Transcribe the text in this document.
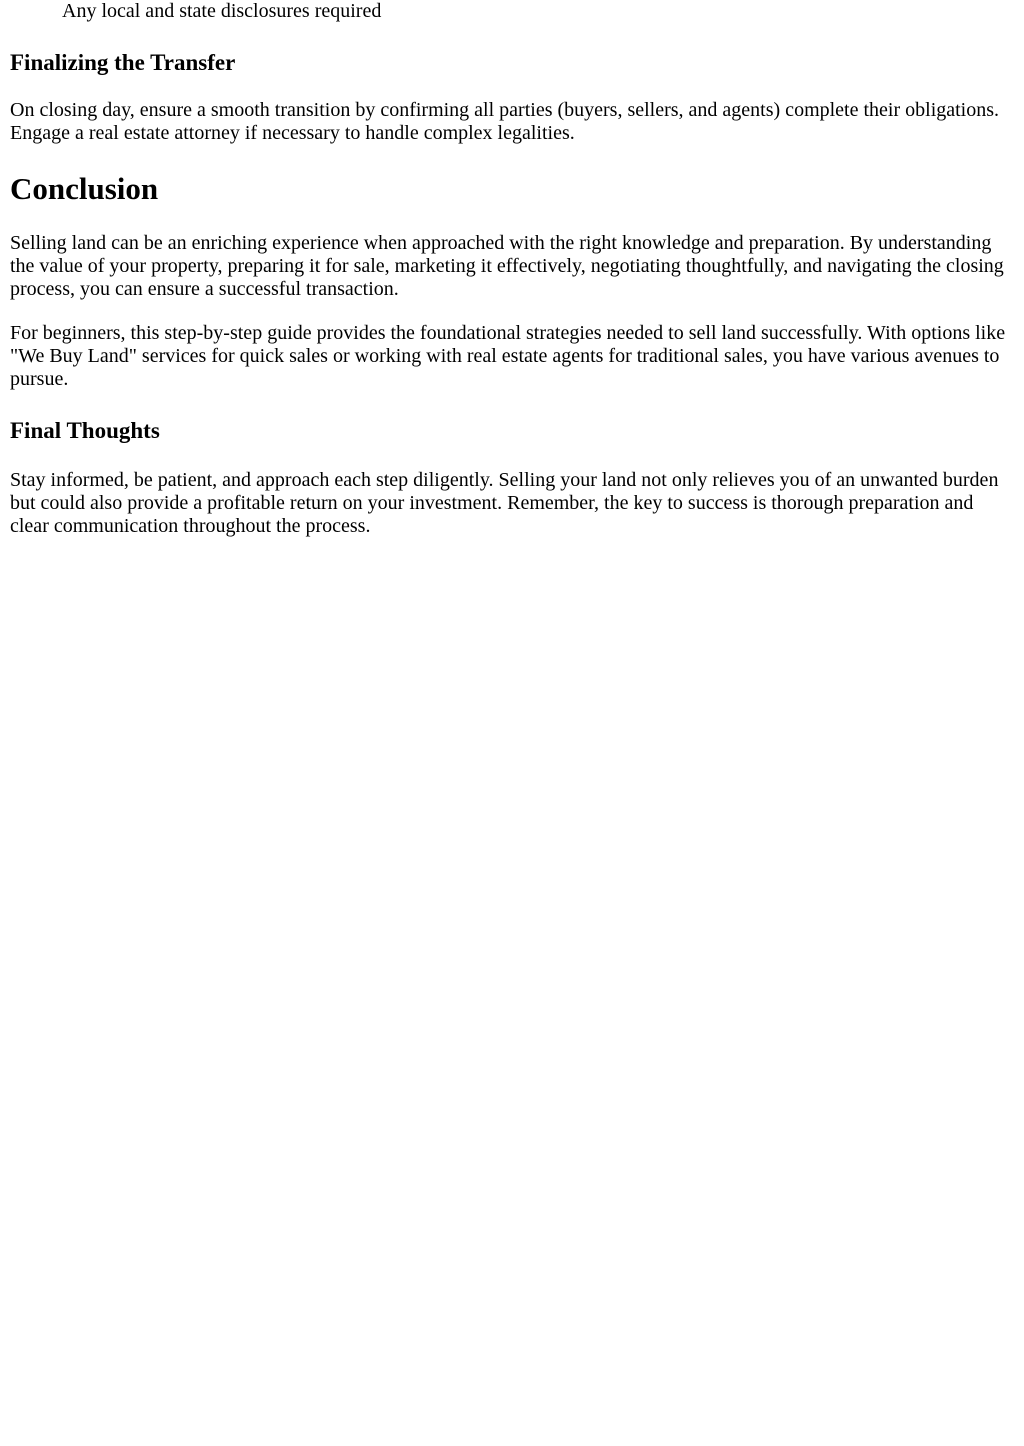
Any local and state disclosures required
Finalizing the Transfer

On closing day, ensure a smooth transition by confirming all parties (buyers, sellers, and agents) complete their obligations. Engage a real estate attorney if necessary to handle complex legalities.

Conclusion

Selling land can be an enriching experience when approached with the right knowledge and preparation. By understanding the value of your property, preparing it for sale, marketing it effectively, negotiating thoughtfully, and navigating the closing process, you can ensure a successful transaction.

For beginners, this step-by-step guide provides the foundational strategies needed to sell land successfully. With options like "We Buy Land" services for quick sales or working with real estate agents for traditional sales, you have various avenues to pursue.

Final Thoughts

Stay informed, be patient, and approach each step diligently. Selling your land not only relieves you of an unwanted burden but could also provide a profitable return on your investment. Remember, the key to success is thorough preparation and clear communication throughout the process.
